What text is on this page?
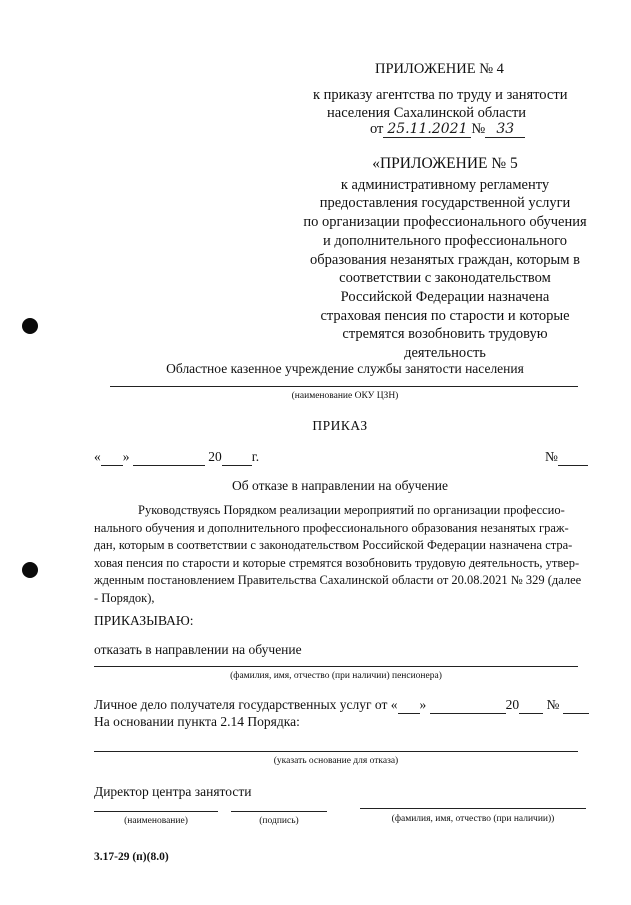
ПРИЛОЖЕНИЕ № 4
к приказу агентства по труду и занятости
населения Сахалинской области
от 25.11.2021 № 33
«ПРИЛОЖЕНИЕ № 5
к административному регламенту
предоставления государственной услуги
по организации профессионального обучения
и дополнительного профессионального
образования незанятых граждан, которым в
соответствии с законодательством
Российской Федерации назначена
страховая пенсия по старости и которые
стремятся возобновить трудовую
деятельность
Областное казенное учреждение службы занятости населения
(наименование ОКУ ЦЗН)
ПРИКАЗ
« »	20 г.	№
Об отказе в направлении на обучение
Руководствуясь Порядком реализации мероприятий по организации профессио-
нального обучения и дополнительного профессионального образования незанятых граж-
дан, которым в соответствии с законодательством Российской Федерации назначена стра-
ховая пенсия по старости и которые стремятся возобновить трудовую деятельность, утвер-
жденным постановлением Правительства Сахалинской области от 20.08.2021 № 329 (далее
- Порядок),
ПРИКАЗЫВАЮ:
отказать в направлении на обучение
(фамилия, имя, отчество (при наличии) пенсионера)
Личное дело получателя государственных услуг от « »	20 №
На основании пункта 2.14 Порядка:
(указать основание для отказа)
Директор центра занятости
(наименование)	(подпись)	(фамилия, имя, отчество (при наличии))
3.17-29 (п)(8.0)
